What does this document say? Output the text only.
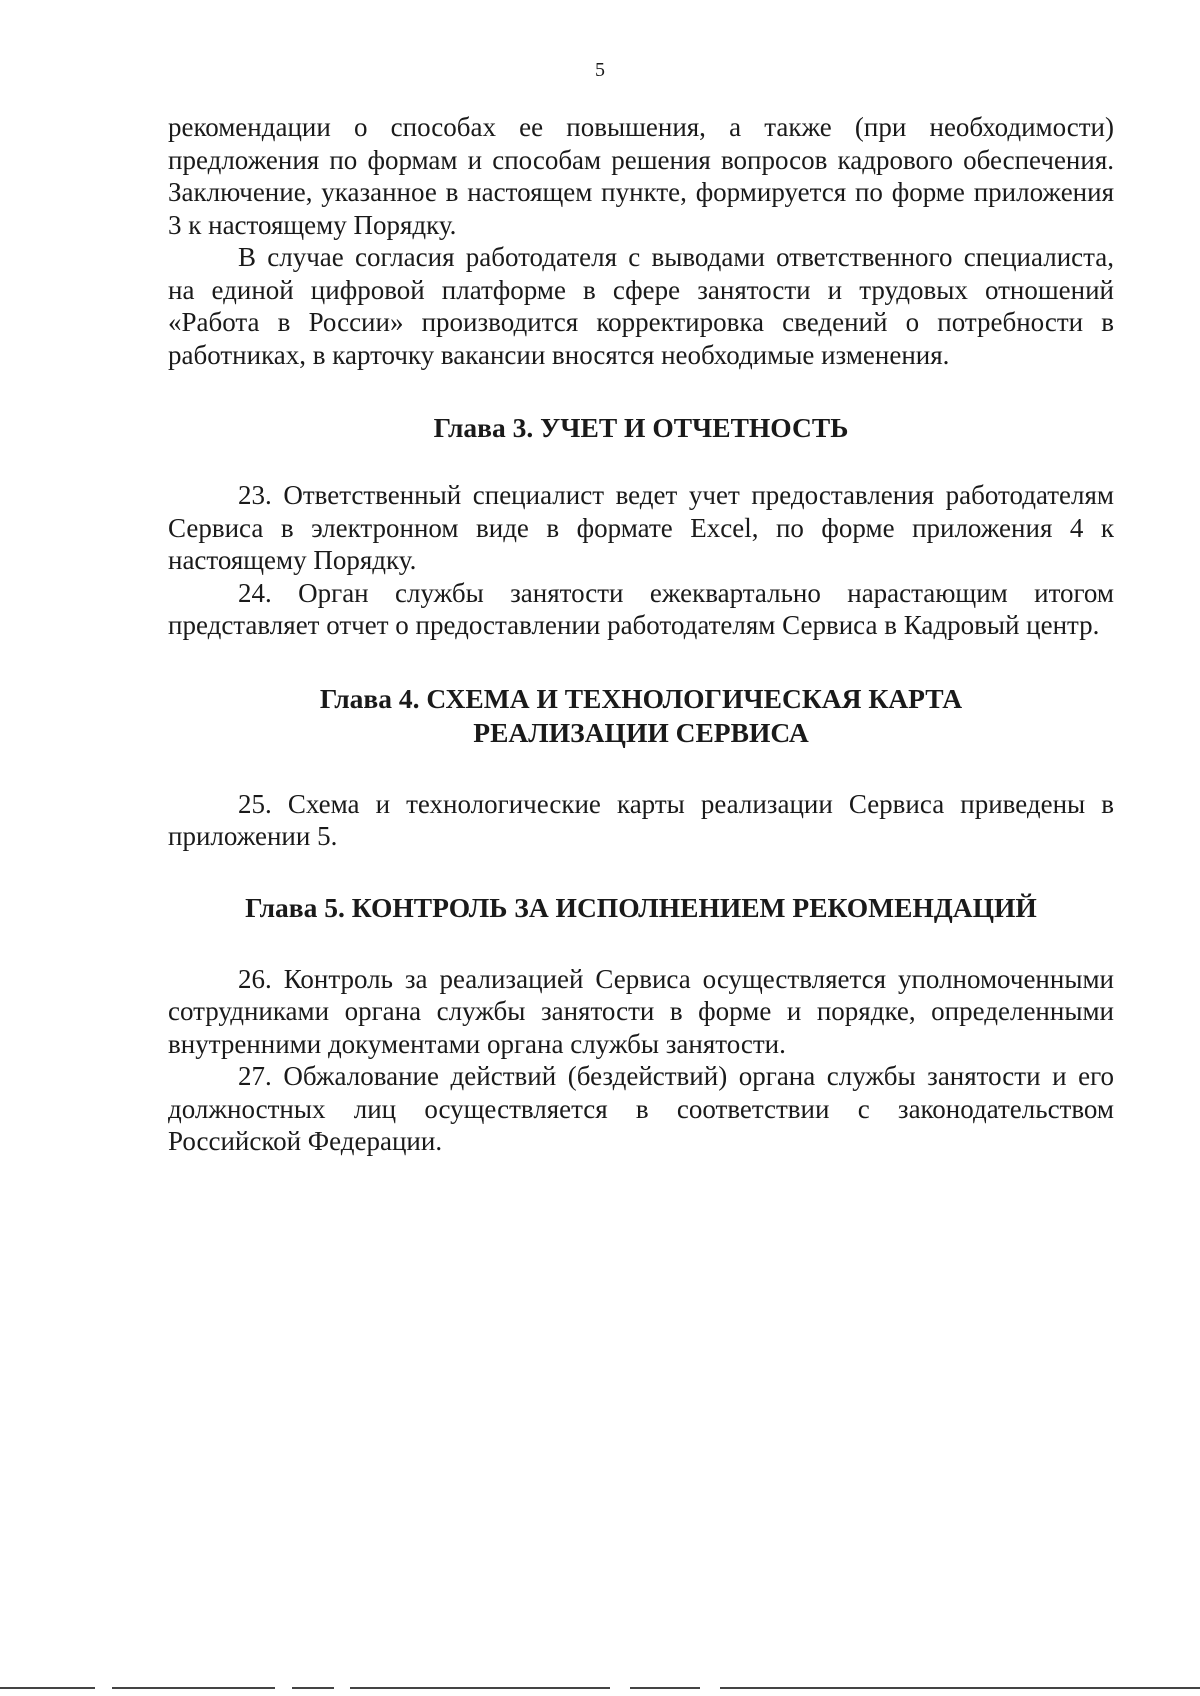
5

рекомендации о способах ее повышения, а также (при необходимости) предложения по формам и способам решения вопросов кадрового обеспечения. Заключение, указанное в настоящем пункте, формируется по форме приложения 3 к настоящему Порядку.

В случае согласия работодателя с выводами ответственного специалиста, на единой цифровой платформе в сфере занятости и трудовых отношений «Работа в России» производится корректировка сведений о потребности в работниках, в карточку вакансии вносятся необходимые изменения.

Глава 3. УЧЕТ И ОТЧЕТНОСТЬ

23. Ответственный специалист ведет учет предоставления работодателям Сервиса в электронном виде в формате Excel, по форме приложения 4 к настоящему Порядку.

24. Орган службы занятости ежеквартально нарастающим итогом представляет отчет о предоставлении работодателям Сервиса в Кадровый центр.

Глава 4. СХЕМА И ТЕХНОЛОГИЧЕСКАЯ КАРТА РЕАЛИЗАЦИИ СЕРВИСА

25. Схема и технологические карты реализации Сервиса приведены в приложении 5.

Глава 5. КОНТРОЛЬ ЗА ИСПОЛНЕНИЕМ РЕКОМЕНДАЦИЙ

26. Контроль за реализацией Сервиса осуществляется уполномоченными сотрудниками органа службы занятости в форме и порядке, определенными внутренними документами органа службы занятости.

27. Обжалование действий (бездействий) органа службы занятости и его должностных лиц осуществляется в соответствии с законодательством Российской Федерации.
